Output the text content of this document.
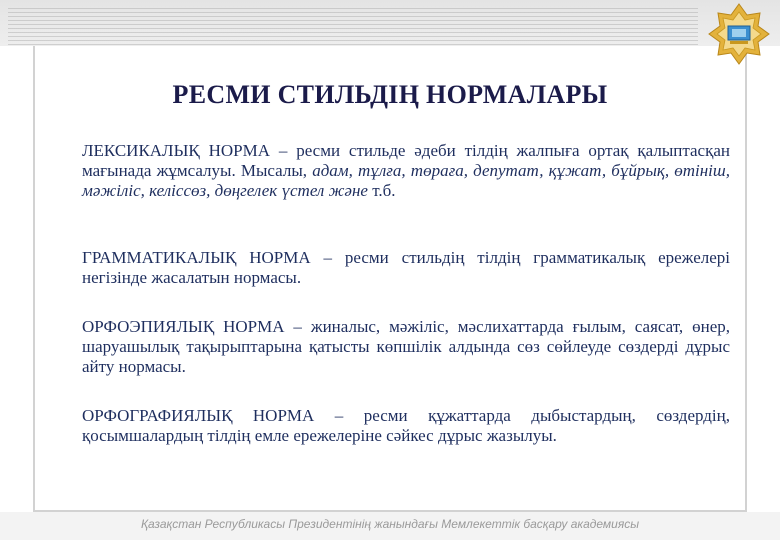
РЕСМИ СТИЛЬДІҢ НОРМАЛАРЫ

ЛЕКСИКАЛЫҚ НОРМА – ресми стильде әдеби тілдің жалпыға ортақ қалыптасқан мағынада жұмсалуы. Мысалы, адам, тұлға, төраға, депутат, құжат, бұйрық, өтініш, мәжіліс, келіссөз, дөңгелек үстел және т.б.

ГРАММАТИКАЛЫҚ НОРМА – ресми стильдің тілдің грамматикалық ережелері негізінде жасалатын нормасы.

ОРФОЭПИЯЛЫҚ НОРМА – жиналыс, мәжіліс, мәслихаттарда ғылым, саясат, өнер, шаруашылық тақырыптарына қатысты көпшілік алдында сөз сөйлеуде сөздерді дұрыс айту нормасы.

ОРФОГРАФИЯЛЫҚ НОРМА – ресми құжаттарда дыбыстардың, сөздердің, қосымшалардың тілдің емле ережелеріне сәйкес дұрыс жазылуы.

Қазақстан Республикасы Президентінің жанындағы Мемлекеттік басқару академиясы
